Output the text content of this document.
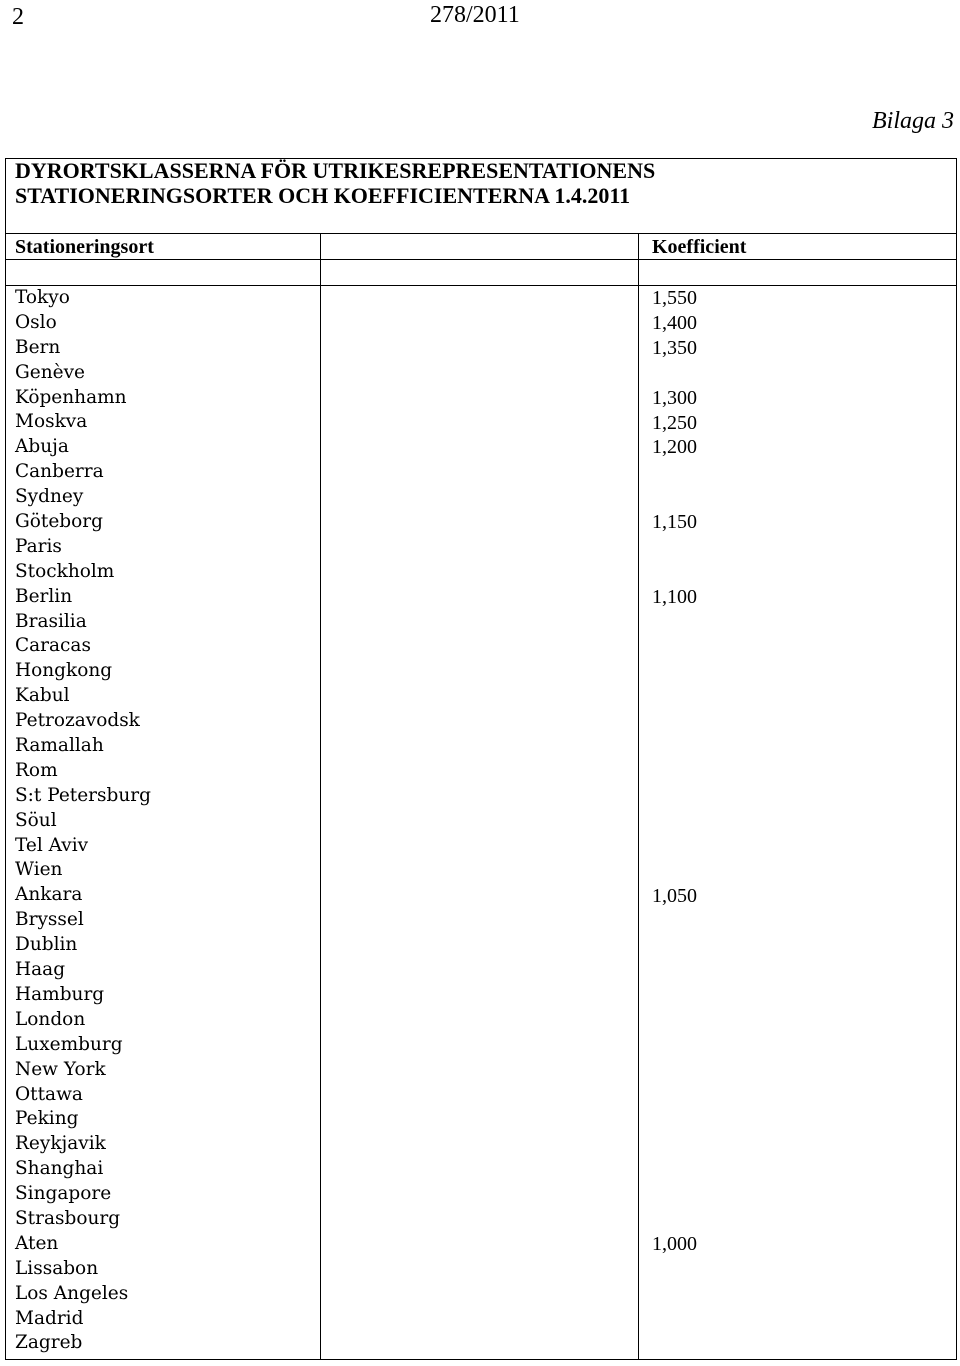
2	278/2011
Bilaga 3
DYRORTSKLASSERNA FÖR UTRIKESREPRESENTATIONENS
STATIONERINGSORTER OCH KOEFFICIENTERNA 1.4.2011
Stationeringsort	Koefficient
Tokyo
Oslo
Bern
Genève
Köpenhamn
Moskva
Abuja
Canberra
Sydney
Göteborg
Paris
Stockholm
Berlin
Brasilia
Caracas
Hongkong
Kabul
Petrozavodsk
Ramallah
Rom
S:t Petersburg
Söul
Tel Aviv
Wien
Ankara
Bryssel
Dublin
Haag
Hamburg
London
Luxemburg
New York
Ottawa
Peking
Reykjavik
Shanghai
Singapore
Strasbourg
Aten
Lissabon
Los Angeles
Madrid
Zagreb
1,550
1,400
1,350
1,300
1,250
1,200
1,150
1,100
1,050
1,000
